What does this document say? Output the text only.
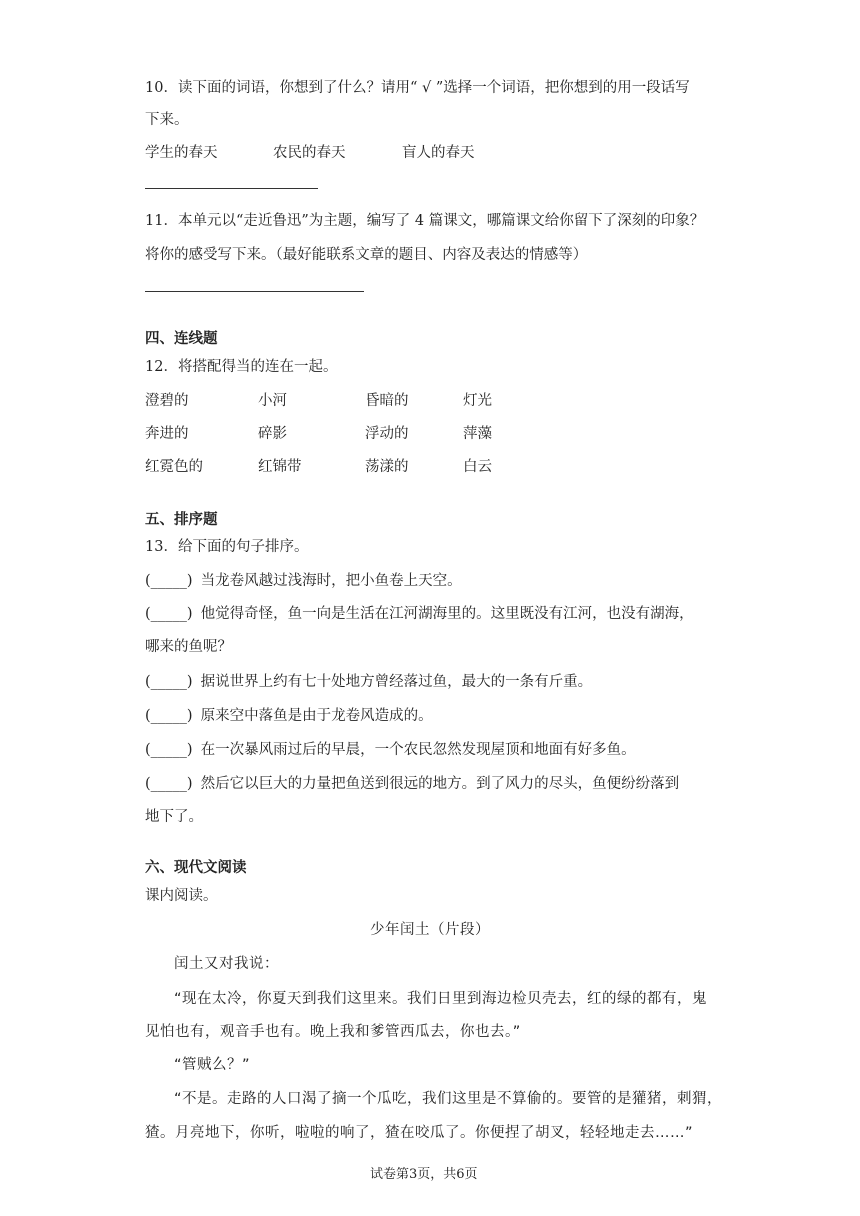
10．读下面的词语，你想到了什么？请用“ √ ”选择一个词语，把你想到的用一段话写
下来。
学生的春天	农民的春天	盲人的春天
11．本单元以“走近鲁迅”为主题，编写了 4 篇课文，哪篇课文给你留下了深刻的印象？
将你的感受写下来。（最好能联系文章的题目、内容及表达的情感等）
四、连线题
12．将搭配得当的连在一起。
澄碧的	小河	昏暗的	灯光
奔进的	碎影	浮动的	萍藻
红霓色的	红锦带	荡漾的	白云
五、排序题
13．给下面的句子排序。
(_____) 当龙卷风越过浅海时，把小鱼卷上天空。
(_____) 他觉得奇怪，鱼一向是生活在江河湖海里的。这里既没有江河，也没有湖海，
哪来的鱼呢？
(_____) 据说世界上约有七十处地方曾经落过鱼，最大的一条有斤重。
(_____) 原来空中落鱼是由于龙卷风造成的。
(_____) 在一次暴风雨过后的早晨，一个农民忽然发现屋顶和地面有好多鱼。
(_____) 然后它以巨大的力量把鱼送到很远的地方。到了风力的尽头，鱼便纷纷落到
地下了。
六、现代文阅读
课内阅读。
少年闰土（片段）
闰土又对我说：
“现在太冷，你夏天到我们这里来。我们日里到海边检贝壳去，红的绿的都有，鬼
见怕也有，观音手也有。晚上我和爹管西瓜去，你也去。”
“管贼么？”
“不是。走路的人口渴了摘一个瓜吃，我们这里是不算偷的。要管的是獾猪，刺猬，
猹。月亮地下，你听，啦啦的响了，猹在咬瓜了。你便捏了胡叉，轻轻地走去……”
试卷第3页，共6页
